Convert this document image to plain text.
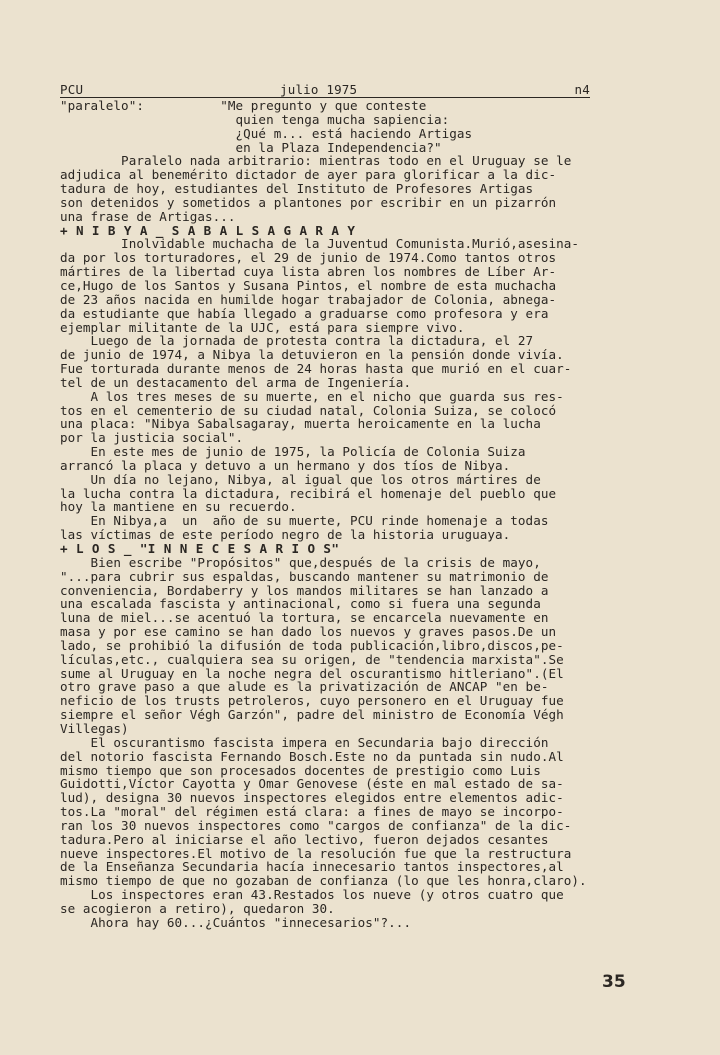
PCU	julio 1975	n4
"paralelo":          "Me pregunto y que conteste
quien tenga mucha sapiencia:
¿Qué m... está haciendo Artigas
en la Plaza Independencia?"
Paralelo nada arbitrario: mientras todo en el Uruguay se le
adjudica al benemérito dictador de ayer para glorificar a la dic-
tadura de hoy, estudiantes del Instituto de Profesores Artigas
son detenidos y sometidos a plantones por escribir en un pizarrón
una frase de Artigas...
+ N I B Y A _ S A B A L S A G A R A Y
Inolvidable muchacha de la Juventud Comunista.Murió,asesina-
da por los torturadores, el 29 de junio de 1974.Como tantos otros
mártires de la libertad cuya lista abren los nombres de Líber Ar-
ce,Hugo de los Santos y Susana Pintos, el nombre de esta muchacha
de 23 años nacida en humilde hogar trabajador de Colonia, abnega-
da estudiante que había llegado a graduarse como profesora y era
ejemplar militante de la UJC, está para siempre vivo.
Luego de la jornada de protesta contra la dictadura, el 27
de junio de 1974, a Nibya la detuvieron en la pensión donde vivía.
Fue torturada durante menos de 24 horas hasta que murió en el cuar-
tel de un destacamento del arma de Ingeniería.
A los tres meses de su muerte, en el nicho que guarda sus res-
tos en el cementerio de su ciudad natal, Colonia Suiza, se colocó
una placa: "Nibya Sabalsagaray, muerta heroicamente en la lucha
por la justicia social".
En este mes de junio de 1975, la Policía de Colonia Suiza
arrancó la placa y detuvo a un hermano y dos tíos de Nibya.
Un día no lejano, Nibya, al igual que los otros mártires de
la lucha contra la dictadura, recibirá el homenaje del pueblo que
hoy la mantiene en su recuerdo.
En Nibya,a  un  año de su muerte, PCU rinde homenaje a todas
las víctimas de este período negro de la historia uruguaya.
+ L O S _ "I N N E C E S A R I O S"
Bien escribe "Propósitos" que,después de la crisis de mayo,
"...para cubrir sus espaldas, buscando mantener su matrimonio de
conveniencia, Bordaberry y los mandos militares se han lanzado a
una escalada fascista y antinacional, como si fuera una segunda
luna de miel...se acentuó la tortura, se encarcela nuevamente en
masa y por ese camino se han dado los nuevos y graves pasos.De un
lado, se prohibió la difusión de toda publicación,libro,discos,pe-
lículas,etc., cualquiera sea su origen, de "tendencia marxista".Se
sume al Uruguay en la noche negra del oscurantismo hitleriano".(El
otro grave paso a que alude es la privatización de ANCAP "en be-
neficio de los trusts petroleros, cuyo personero en el Uruguay fue
siempre el señor Végh Garzón", padre del ministro de Economía Végh
Villegas)
El oscurantismo fascista impera en Secundaria bajo dirección
del notorio fascista Fernando Bosch.Este no da puntada sin nudo.Al
mismo tiempo que son procesados docentes de prestigio como Luis
Guidotti,Víctor Cayotta y Omar Genovese (éste en mal estado de sa-
lud), designa 30 nuevos inspectores elegidos entre elementos adic-
tos.La "moral" del régimen está clara: a fines de mayo se incorpo-
ran los 30 nuevos inspectores como "cargos de confianza" de la dic-
tadura.Pero al iniciarse el año lectivo, fueron dejados cesantes
nueve inspectores.El motivo de la resolución fue que la restructura
de la Enseñanza Secundaria hacía innecesario tantos inspectores,al
mismo tiempo de que no gozaban de confianza (lo que les honra,claro).
Los inspectores eran 43.Restados los nueve (y otros cuatro que
se acogieron a retiro), quedaron 30.
Ahora hay 60...¿Cuántos "innecesarios"?...
35
